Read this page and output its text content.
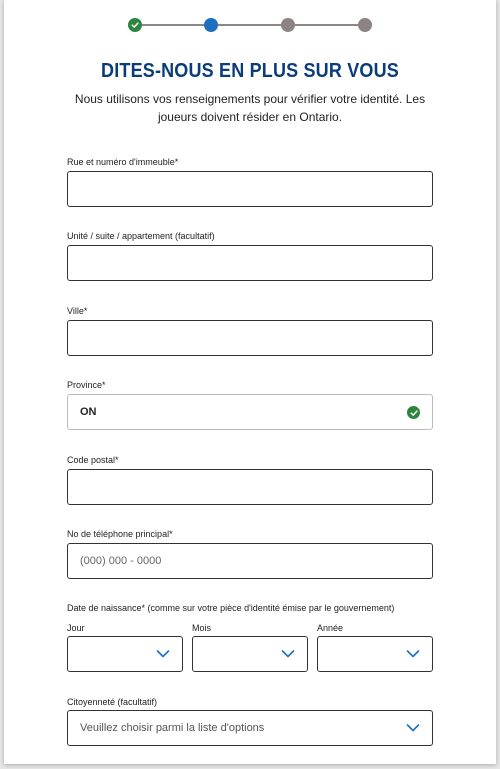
DITES-NOUS EN PLUS SUR VOUS

Nous utilisons vos renseignements pour vérifier votre identité. Les joueurs doivent résider en Ontario.

Rue et numéro d'immeuble*
Unité / suite / appartement (facultatif)
Ville*
Province*
ON
Code postal*
No de téléphone principal*
(000) 000 - 0000
Date de naissance* (comme sur votre pièce d'identité émise par le gouvernement)
Jour	Mois	Année
Citoyenneté (facultatif)
Veuillez choisir parmi la liste d'options
